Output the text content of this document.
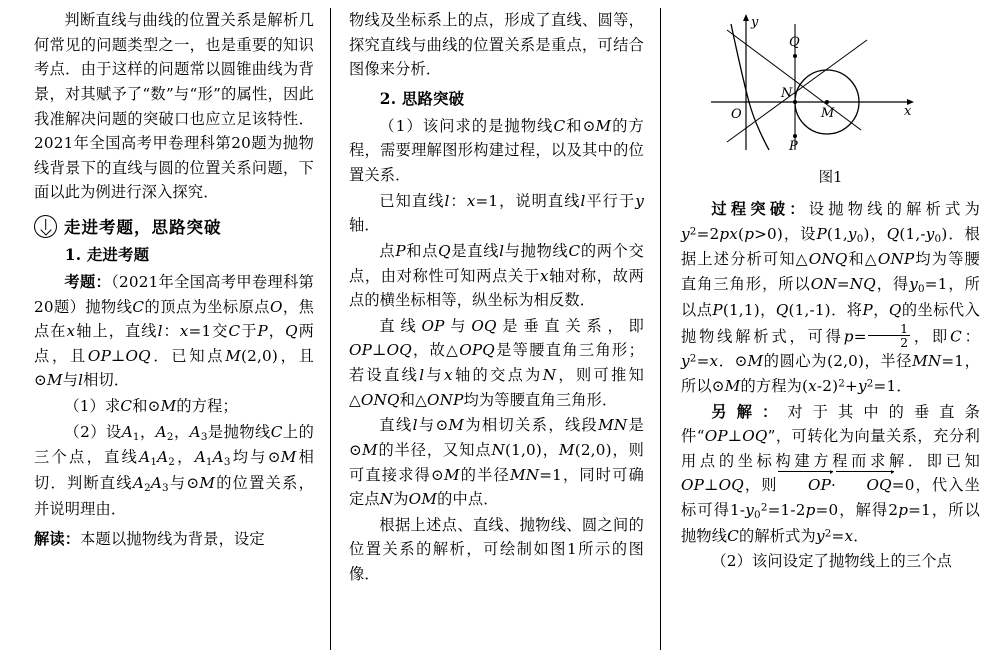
判断直线与曲线的位置关系是解析几何常见的问题类型之一，也是重要的知识考点．由于这样的问题常以圆锥曲线为背景，对其赋予了“数”与“形”的属性，因此我准解决问题的突破口也应立足该特性．2021年全国高考甲卷理科第20题为抛物线背景下的直线与圆的位置关系问题，下面以此为例进行深入探究．

走进考题，思路突破

1. 走进考题

考题：（2021年全国高考甲卷理科第20题）抛物线C的顶点为坐标原点O，焦点在x轴上，直线l：x=1交C于P，Q两点，且OP⊥OQ．已知点M(2,0)，且⊙M与l相切．

（1）求C和⊙M的方程；

（2）设$A_1$，$A_2$，$A_3$是抛物线C上的三个点，直线$A_1A_2$，$A_1A_3$均与⊙M相切．判断直线$A_2A_3$与⊙M的位置关系，并说明理由．

解读：本题以抛物线为背景，设定

物线及坐标系上的点，形成了直线、圆等，探究直线与曲线的位置关系是重点，可结合图像来分析．

2. 思路突破

（1）该问求的是抛物线C和⊙M的方程，需要理解图形构建过程，以及其中的位置关系．

已知直线l：x=1，说明直线l平行于y轴．

点P和点Q是直线l与抛物线C的两个交点，由对称性可知两点关于x轴对称，故两点的横坐标相等，纵坐标为相反数．

直线OP与OQ是垂直关系，即OP⊥OQ，故△OPQ是等腰直角三角形；若设直线l与x轴的交点为N，则可推知△ONQ和△ONP均为等腰直角三角形．

直线l与⊙M为相切关系，线段MN是⊙M的半径，又知点N(1,0)，M(2,0)，则可直接求得⊙M的半径MN=1，同时可确定点N为OM的中点．

根据上述点、直线、抛物线、圆之间的位置关系的解析，可绘制如图1所示的图像．

y
x
O
Q
N
M
P
图1

过程突破：设抛物线的解析式为$y^2=2px(p>0)$，设$P(1,y_0)$，$Q(1,-y_0)$．根据上述分析可知△ONQ和△ONP均为等腰直角三角形，所以ON=NQ，得$y_0=1$，所以点P(1,1)，Q(1,-1)．将P，Q的坐标代入抛物线解析式，可得$p= \frac{1}{2}$ ，即C：$y^2=x$．⊙M的圆心为(2,0)，半径MN=1，所以⊙M的方程为$(x-2)^2+y^2=1$．

另解：对于其中的垂直条件“OP⊥OQ”，可转化为向量关系，充分利用点的坐标构建方程而求解．即已知OP⊥OQ，则 OP· OQ=0，代入坐标可得$1-y_0^2=1-2p=0$，解得2p=1，所以抛物线C的解析式为$y^2=x$．

（2）该问设定了抛物线上的三个点
